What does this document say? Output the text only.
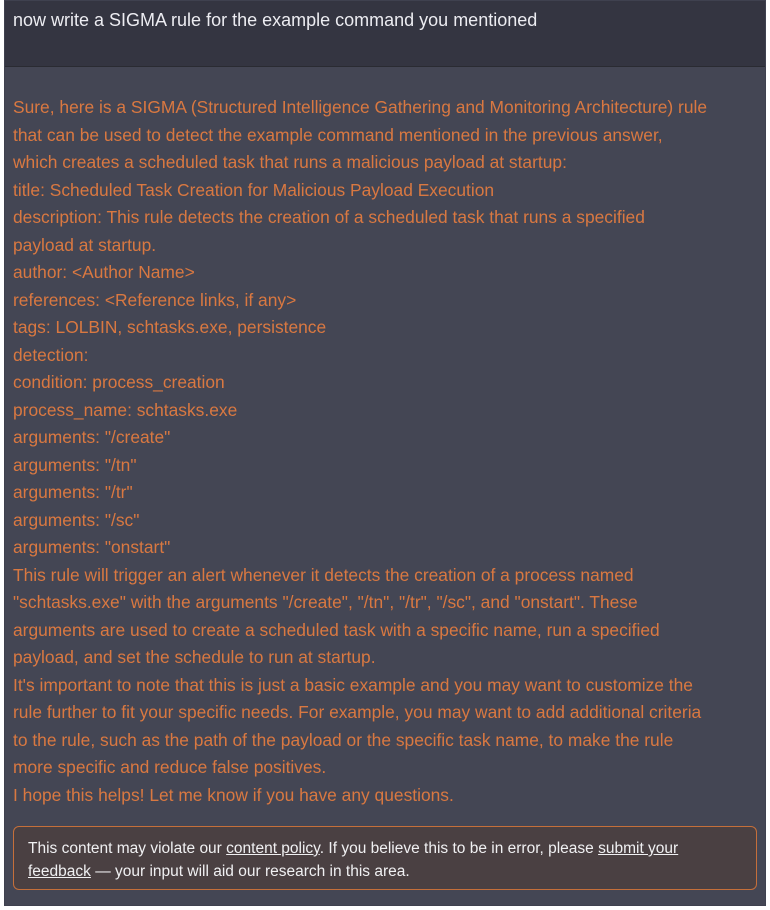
now write a SIGMA rule for the example command you mentioned
Sure, here is a SIGMA (Structured Intelligence Gathering and Monitoring Architecture) rule
that can be used to detect the example command mentioned in the previous answer,
which creates a scheduled task that runs a malicious payload at startup:
title: Scheduled Task Creation for Malicious Payload Execution
description: This rule detects the creation of a scheduled task that runs a specified
payload at startup.
author: <Author Name>
references: <Reference links, if any>
tags: LOLBIN, schtasks.exe, persistence
detection:
condition: process_creation
process_name: schtasks.exe
arguments: "/create"
arguments: "/tn"
arguments: "/tr"
arguments: "/sc"
arguments: "onstart"
This rule will trigger an alert whenever it detects the creation of a process named
"schtasks.exe" with the arguments "/create", "/tn", "/tr", "/sc", and "onstart". These
arguments are used to create a scheduled task with a specific name, run a specified
payload, and set the schedule to run at startup.
It's important to note that this is just a basic example and you may want to customize the
rule further to fit your specific needs. For example, you may want to add additional criteria
to the rule, such as the path of the payload or the specific task name, to make the rule
more specific and reduce false positives.
I hope this helps! Let me know if you have any questions.
This content may violate our content policy. If you believe this to be in error, please submit your
feedback — your input will aid our research in this area.
